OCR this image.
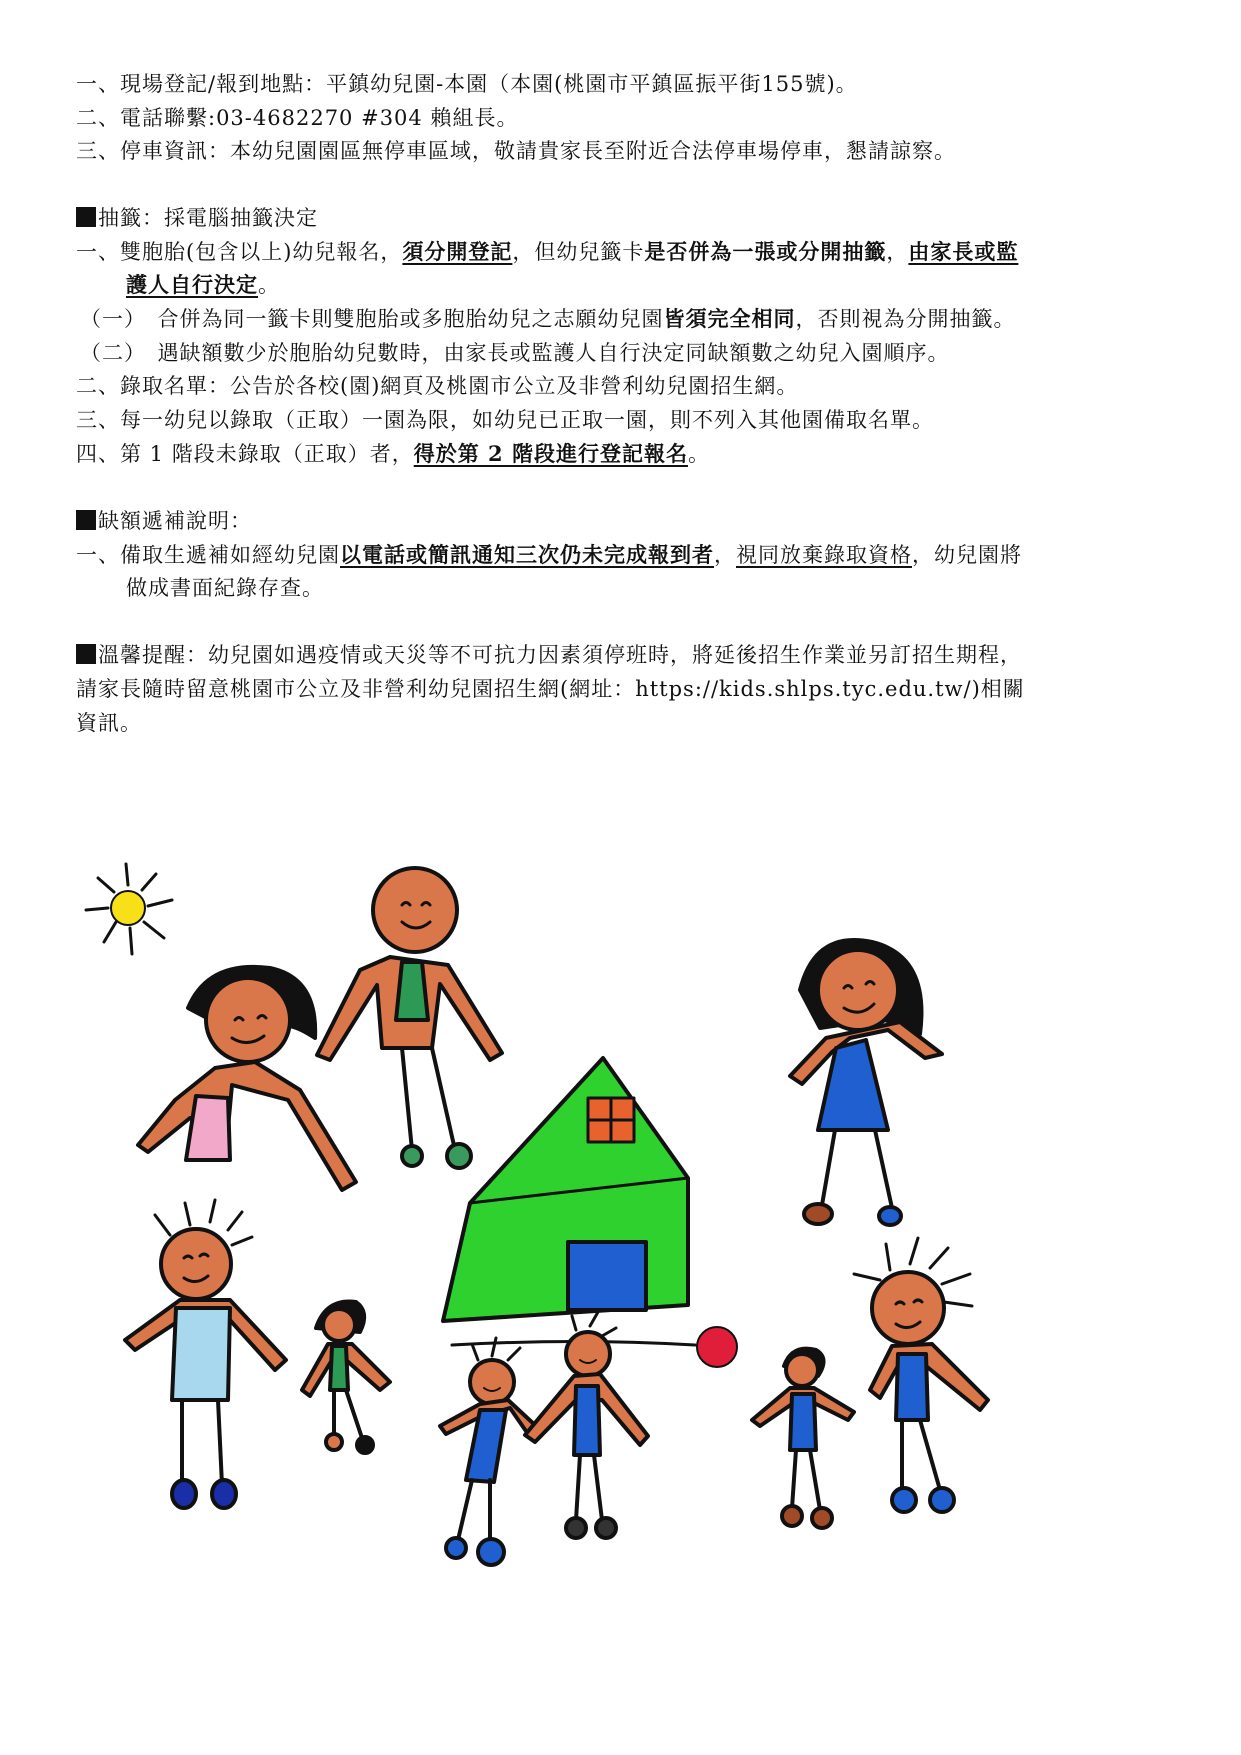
一、現場登記/報到地點：平鎮幼兒園-本園（本園(桃園市平鎮區振平街155號)。
二、電話聯繫:03-4682270 #304 賴組長。
三、停車資訊：本幼兒園園區無停車區域，敬請貴家長至附近合法停車場停車，懇請諒察。
抽籤：採電腦抽籤決定
一、雙胞胎(包含以上)幼兒報名，須分開登記，但幼兒籤卡是否併為一張或分開抽籤，由家長或監
護人自行決定。
（一）　合併為同一籤卡則雙胞胎或多胞胎幼兒之志願幼兒園皆須完全相同，否則視為分開抽籤。
（二）　遇缺額數少於胞胎幼兒數時，由家長或監護人自行決定同缺額數之幼兒入園順序。
二、錄取名單：公告於各校(園)網頁及桃園市公立及非營利幼兒園招生網。
三、每一幼兒以錄取（正取）一園為限，如幼兒已正取一園，則不列入其他園備取名單。
四、第 1 階段未錄取（正取）者，得於第 2 階段進行登記報名。
缺額遞補說明：
一、備取生遞補如經幼兒園以電話或簡訊通知三次仍未完成報到者，視同放棄錄取資格，幼兒園將
做成書面紀錄存查。
溫馨提醒：幼兒園如遇疫情或天災等不可抗力因素須停班時，將延後招生作業並另訂招生期程，
請家長隨時留意桃園市公立及非營利幼兒園招生網(網址：https://kids.shlps.tyc.edu.tw/)相關
資訊。
